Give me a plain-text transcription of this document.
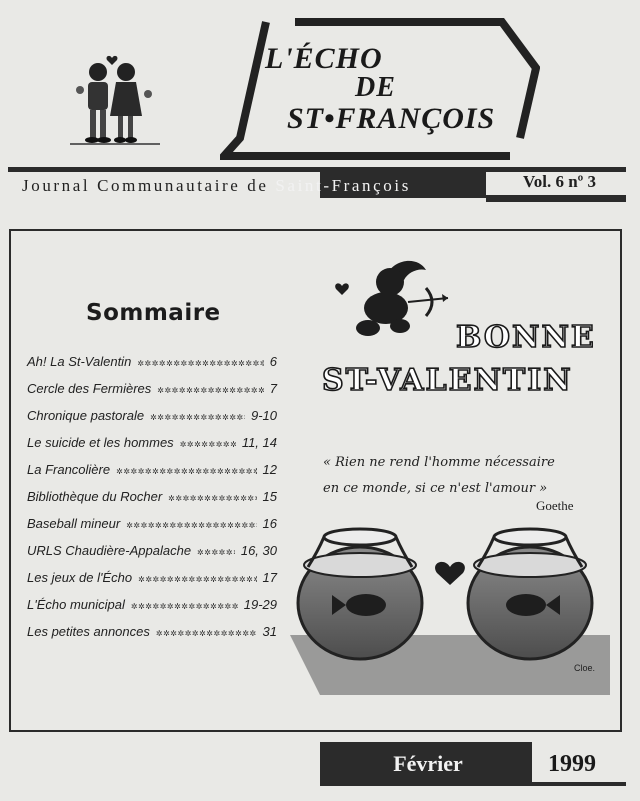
L'ÉCHO
DE
ST•FRANÇOIS
Journal Communautaire de Saint-François	Vol. 6 nº 3
Sommaire
Ah! La St-Valentin ✲✲✲✲✲✲✲✲✲✲✲✲✲✲✲✲✲✲✲✲✲✲✲✲✲✲✲✲✲✲✲✲✲✲✲✲✲✲✲✲	6
Cercle des Fermières ✲✲✲✲✲✲✲✲✲✲✲✲✲✲✲✲✲✲✲✲✲✲✲✲✲✲✲✲✲✲✲✲✲✲✲✲✲✲✲✲	7
Chronique pastorale ✲✲✲✲✲✲✲✲✲✲✲✲✲✲✲✲✲✲✲✲✲✲✲✲✲✲✲✲✲✲✲✲✲✲✲✲✲✲✲✲	9-10
Le suicide et les hommes ✲✲✲✲✲✲✲✲✲✲✲✲✲✲✲✲✲✲✲✲✲✲✲✲✲✲✲✲✲✲✲✲✲✲✲✲✲✲✲✲	11, 14
La Francolière ✲✲✲✲✲✲✲✲✲✲✲✲✲✲✲✲✲✲✲✲✲✲✲✲✲✲✲✲✲✲✲✲✲✲✲✲✲✲✲✲	12
Bibliothèque du Rocher ✲✲✲✲✲✲✲✲✲✲✲✲✲✲✲✲✲✲✲✲✲✲✲✲✲✲✲✲✲✲✲✲✲✲✲✲✲✲✲✲	15
Baseball mineur ✲✲✲✲✲✲✲✲✲✲✲✲✲✲✲✲✲✲✲✲✲✲✲✲✲✲✲✲✲✲✲✲✲✲✲✲✲✲✲✲	16
URLS Chaudière-Appalache ✲✲✲✲✲✲✲✲✲✲✲✲✲✲✲✲✲✲✲✲✲✲✲✲✲✲✲✲✲✲✲✲✲✲✲✲✲✲✲✲	16, 30
Les jeux de l'Écho ✲✲✲✲✲✲✲✲✲✲✲✲✲✲✲✲✲✲✲✲✲✲✲✲✲✲✲✲✲✲✲✲✲✲✲✲✲✲✲✲	17
L'Écho municipal ✲✲✲✲✲✲✲✲✲✲✲✲✲✲✲✲✲✲✲✲✲✲✲✲✲✲✲✲✲✲✲✲✲✲✲✲✲✲✲✲	19-29
Les petites annonces ✲✲✲✲✲✲✲✲✲✲✲✲✲✲✲✲✲✲✲✲✲✲✲✲✲✲✲✲✲✲✲✲✲✲✲✲✲✲✲✲	31
BONNE
ST-VALENTIN
« Rien ne rend l'homme nécessaire en ce monde, si ce n'est l'amour »
Goethe
Cloe.
Février	1999
